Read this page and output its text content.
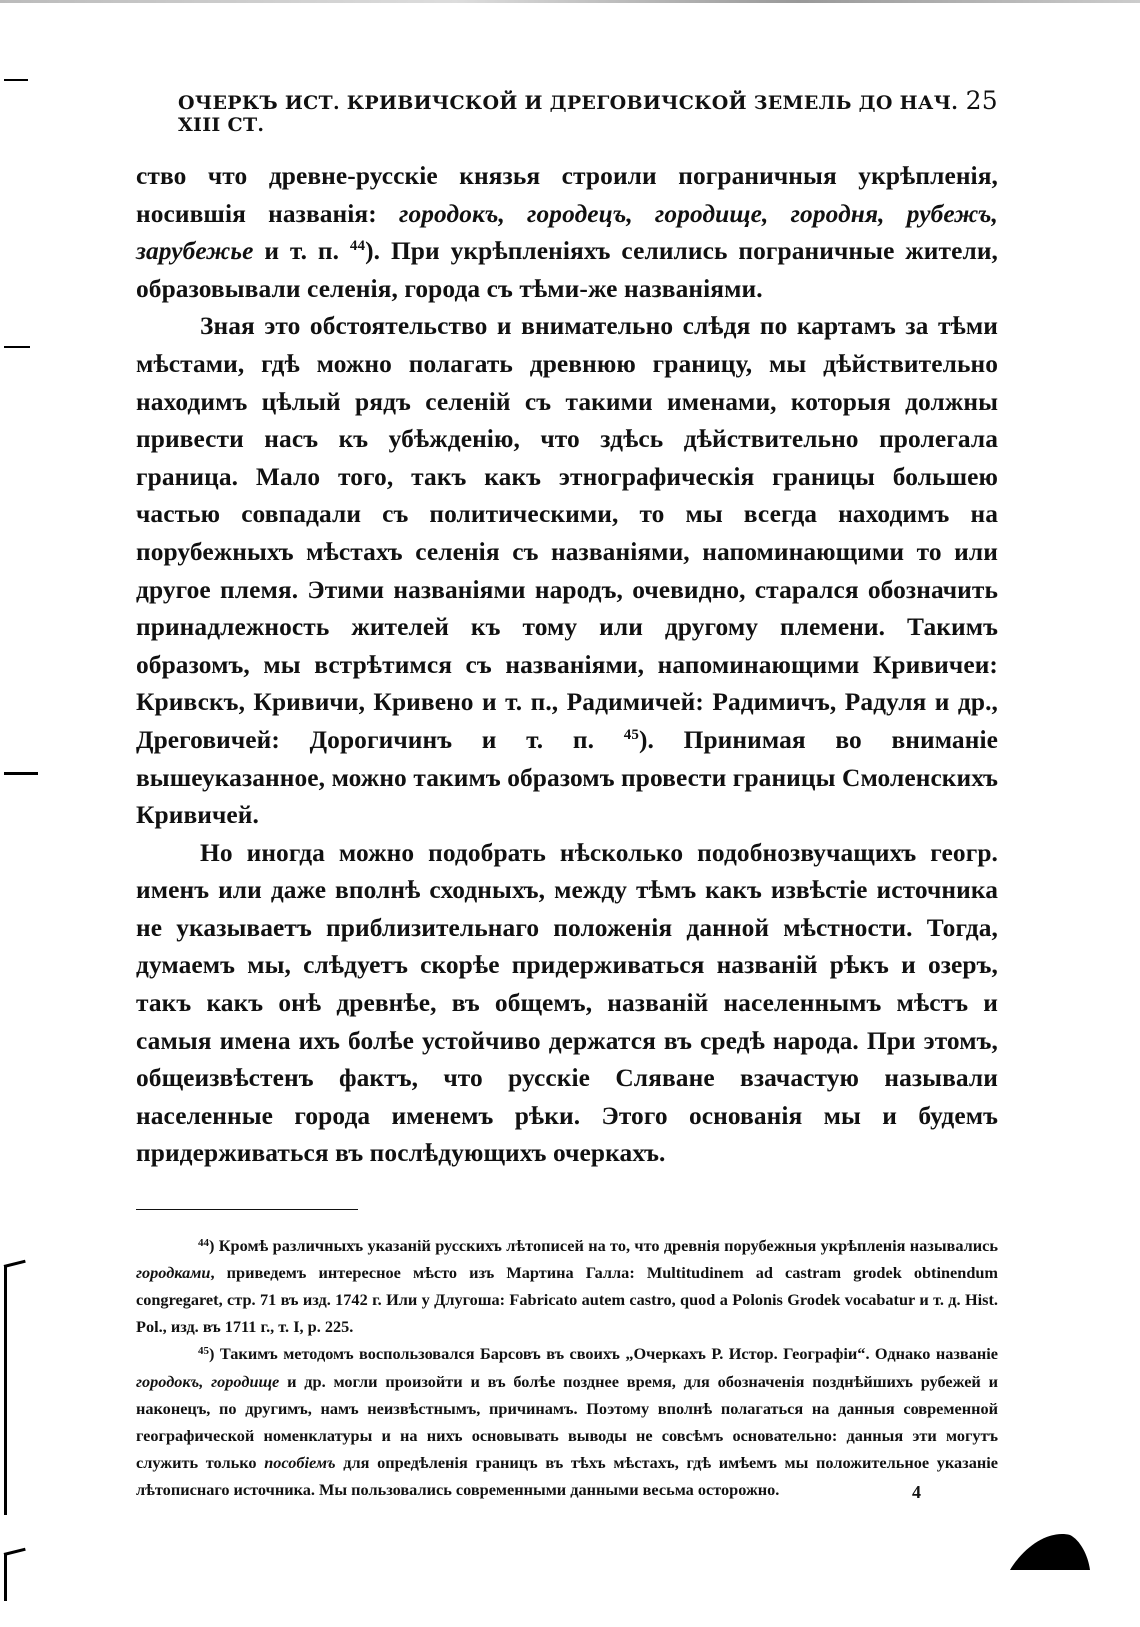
ОЧЕРКЪ ИСТ. КРИВИЧСКОЙ И ДРЕГОВИЧСКОЙ ЗЕМЕЛЬ ДО НАЧ. XIII СТ.
25

ство что древне-русскіе князья строили пограничныя укрѣпленія, носившія названія: городокъ, городецъ, городище, городня, рубежъ, зарубежье и т. п. $^{44}$). При укрѣпленіяхъ селились пограничные жители, образовывали селенія, города съ тѣми-же названіями.

Зная это обстоятельство и внимательно слѣдя по картамъ за тѣми мѣстами, гдѣ можно полагать древнюю границу, мы дѣйствительно находимъ цѣлый рядъ селеній съ такими именами, которыя должны привести насъ къ убѣжденію, что здѣсь дѣйствительно пролегала граница. Мало того, такъ какъ этнографическія границы большею частью совпадали съ политическими, то мы всегда находимъ на порубежныхъ мѣстахъ селенія съ названіями, напоминающими то или другое племя. Этими названіями народъ, очевидно, старался обозначить принадлежность жителей къ тому или другому племени. Такимъ образомъ, мы встрѣтимся съ названіями, напоминающими Кривичеи: Кривскъ, Кривичи, Кривено и т. п., Радимичей: Радимичъ, Радуля и др., Дреговичей: Дорогичинъ и т. п. $^{45}$). Принимая во вниманіе вышеуказанное, можно такимъ образомъ провести границы Смоленскихъ Кривичей.

Но иногда можно подобрать нѣсколько подобнозвучащихъ геогр. именъ или даже вполнѣ сходныхъ, между тѣмъ какъ извѣстіе источника не указываетъ приблизительнаго положенія данной мѣстности. Тогда, думаемъ мы, слѣдуетъ скорѣе придерживаться названій рѣкъ и озеръ, такъ какъ онѣ древнѣе, въ общемъ, названій населеннымъ мѣстъ и самыя имена ихъ болѣе устойчиво держатся въ средѣ народа. При этомъ, общеизвѣстенъ фактъ, что русскіе Сляване взачастую называли населенные города именемъ рѣки. Этого основанія мы и будемъ придерживаться въ послѣдующихъ очеркахъ.

$^{44}$) Кромѣ различныхъ указаній русскихъ лѣтописей на то, что древнія порубежныя укрѣпленія назывались городками, приведемъ интересное мѣсто изъ Мартина Галла: Multitudinem ad castram grodek obtinendum congregaret, стр. 71 въ изд. 1742 г. Или у Длугоша: Fabricato autem castro, quod a Polonis Grodek vocabatur и т. д. Hist. Pol., изд. въ 1711 г., т. I, р. 225.

$^{45}$) Такимъ методомъ воспользовался Барсовъ въ своихъ „Очеркахъ Р. Истор. Географіи“. Однако названіе городокъ, городище и др. могли произойти и въ болѣе позднее время, для обозначенія позднѣйшихъ рубежей и наконецъ, по другимъ, намъ неизвѣстнымъ, причинамъ. Поэтому вполнѣ полагаться на данныя современной географической номенклатуры и на нихъ основывать выводы не совсѣмъ основательно: данныя эти могутъ служить только пособіемъ для опредѣленія границъ въ тѣхъ мѣстахъ, гдѣ имѣемъ мы положительное указаніе лѣтописнаго источника. Мы пользовались современными данными весьма осторожно.	4
